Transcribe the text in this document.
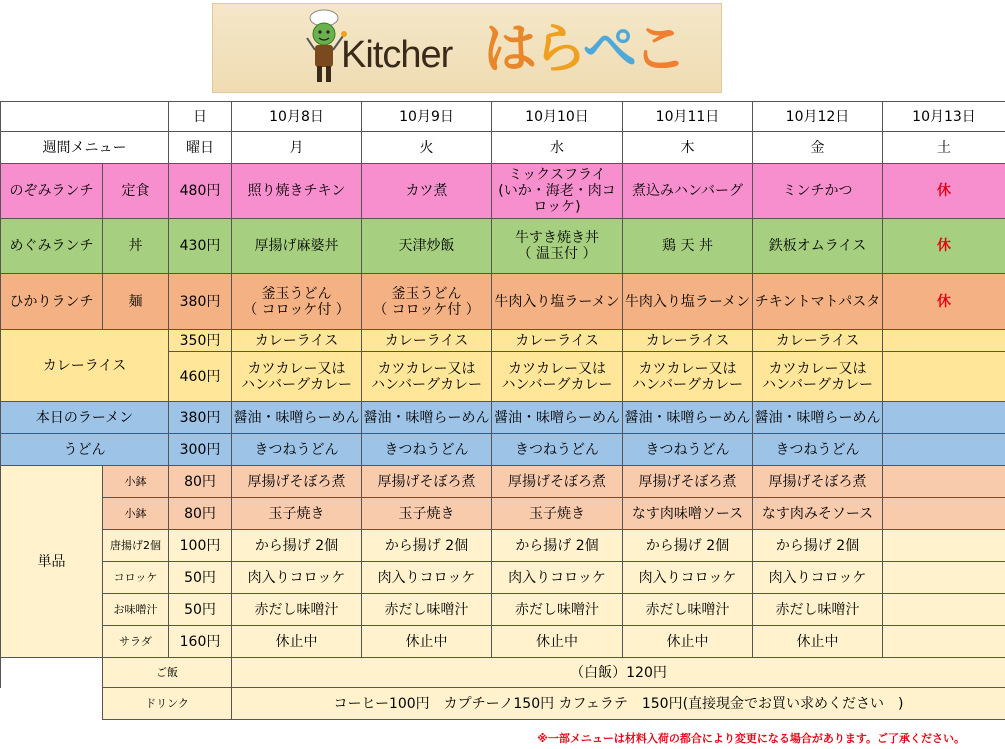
Kitcher はらぺこ
		日	10月8日	10月9日	10月10日	10月11日	10月12日	10月13日
週間メニュー		曜日	月	火	水	木	金	土
のぞみランチ	定食	480円	照り焼きチキン	カツ煮	ミックスフライ
(いか・海老・肉コロッケ)	煮込みハンバーグ	ミンチかつ	休
めぐみランチ	丼	430円	厚揚げ麻婆丼	天津炒飯	牛すき焼き丼
（ 温玉付 ）	鶏 天 丼	鉄板オムライス	休
ひかりランチ	麺	380円	釜玉うどん
（ コロッケ付 ）	釜玉うどん
（ コロッケ付 ）	牛肉入り塩ラーメン	牛肉入り塩ラーメン	チキントマトパスタ	休
カレーライス		350円	カレーライス	カレーライス	カレーライス	カレーライス	カレーライス	
		460円	カツカレー又は
ハンバーグカレー	カツカレー又は
ハンバーグカレー	カツカレー又は
ハンバーグカレー	カツカレー又は
ハンバーグカレー	カツカレー又は
ハンバーグカレー	
本日のラーメン		380円	醤油・味噌らーめん	醤油・味噌らーめん	醤油・味噌らーめん	醤油・味噌らーめん	醤油・味噌らーめん	
うどん		300円	きつねうどん	きつねうどん	きつねうどん	きつねうどん	きつねうどん	
単品	小鉢	80円	厚揚げそぼろ煮	厚揚げそぼろ煮	厚揚げそぼろ煮	厚揚げそぼろ煮	厚揚げそぼろ煮	
	小鉢	80円	玉子焼き	玉子焼き	玉子焼き	なす肉味噌ソース	なす肉みそソース	
	唐揚げ2個	100円	から揚げ 2個	から揚げ 2個	から揚げ 2個	から揚げ 2個	から揚げ 2個	
	コロッケ	50円	肉入りコロッケ	肉入りコロッケ	肉入りコロッケ	肉入りコロッケ	肉入りコロッケ	
	お味噌汁	50円	赤だし味噌汁	赤だし味噌汁	赤だし味噌汁	赤だし味噌汁	赤だし味噌汁	
	サラダ	160円	休止中	休止中	休止中	休止中	休止中	
	ご飯		（白飯）120円					
	ドリンク		コーヒー100円　カプチーノ150円 カフェラテ　150円(直接現金でお買い求めください　)					
※一部メニューは材料入荷の都合により変更になる場合があります。ご了承ください。
